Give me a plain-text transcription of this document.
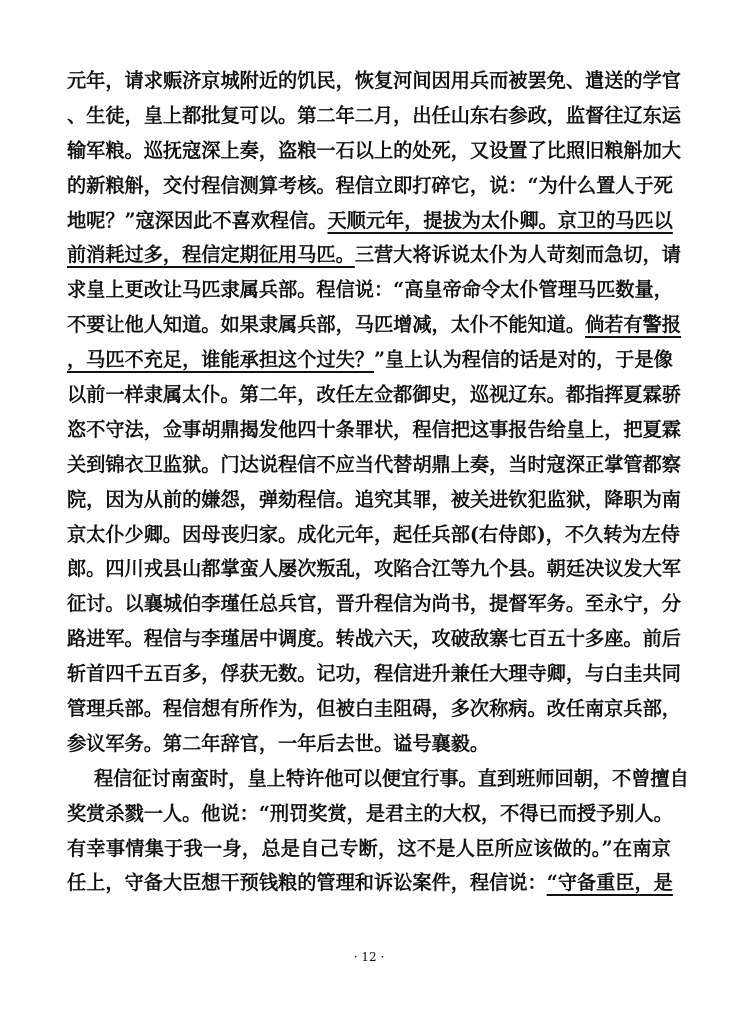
元年，请求赈济京城附近的饥民，恢复河间因用兵而被罢免、遣送的学官
、生徒，皇上都批复可以。第二年二月，出任山东右参政，监督往辽东运
输军粮。巡抚寇深上奏，盗粮一石以上的处死，又设置了比照旧粮斛加大
的新粮斛，交付程信测算考核。程信立即打碎它，说：“为什么置人于死
地呢？”寇深因此不喜欢程信。天顺元年，提拔为太仆卿。京卫的马匹以
前消耗过多，程信定期征用马匹。三营大将诉说太仆为人苛刻而急切，请
求皇上更改让马匹隶属兵部。程信说：“高皇帝命令太仆管理马匹数量，
不要让他人知道。如果隶属兵部，马匹增减，太仆不能知道。倘若有警报
，马匹不充足，谁能承担这个过失？”皇上认为程信的话是对的，于是像
以前一样隶属太仆。第二年，改任左佥都御史，巡视辽东。都指挥夏霖骄
恣不守法，佥事胡鼎揭发他四十条罪状，程信把这事报告给皇上，把夏霖
关到锦衣卫监狱。门达说程信不应当代替胡鼎上奏，当时寇深正掌管都察
院，因为从前的嫌怨，弹劾程信。追究其罪，被关进钦犯监狱，降职为南
京太仆少卿。因母丧归家。成化元年，起任兵部(右侍郎)，不久转为左侍
郎。四川戎县山都掌蛮人屡次叛乱，攻陷合江等九个县。朝廷决议发大军
征讨。以襄城伯李瑾任总兵官，晋升程信为尚书，提督军务。至永宁，分
路进军。程信与李瑾居中调度。转战六天，攻破敌寨七百五十多座。前后
斩首四千五百多，俘获无数。记功，程信进升兼任大理寺卿，与白圭共同
管理兵部。程信想有所作为，但被白圭阻碍，多次称病。改任南京兵部，
参议军务。第二年辞官，一年后去世。谥号襄毅。
程信征讨南蛮时，皇上特许他可以便宜行事。直到班师回朝，不曾擅自
奖赏杀戮一人。他说：“刑罚奖赏，是君主的大权，不得已而授予别人。
有幸事情集于我一身，总是自己专断，这不是人臣所应该做的。”在南京
任上，守备大臣想干预钱粮的管理和诉讼案件，程信说：“守备重臣，是
· 12 ·
